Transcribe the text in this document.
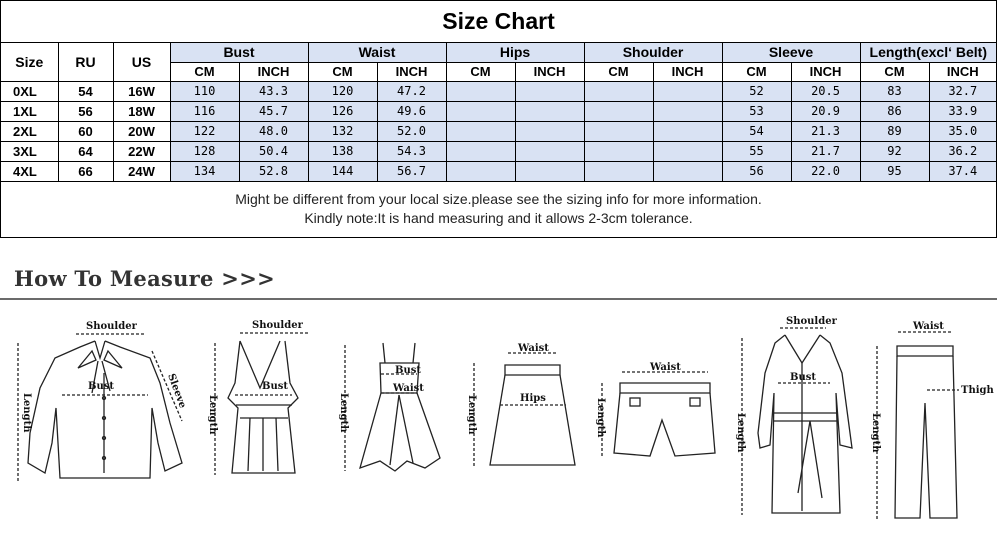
Size Chart
Size	RU	US	Bust		Waist		Hips		Shoulder		Sleeve		Length(excl‘ Belt)	
			CM	INCH	CM	INCH	CM	INCH	CM	INCH	CM	INCH	CM	INCH
0XL	54	16W	110	43.3	120	47.2					52	20.5	83	32.7
1XL	56	18W	116	45.7	126	49.6					53	20.9	86	33.9
2XL	60	20W	122	48.0	132	52.0					54	21.3	89	35.0
3XL	64	22W	128	50.4	138	54.3					55	21.7	92	36.2
4XL	66	24W	134	52.8	144	56.7					56	22.0	95	37.4
Might be different from your local size.please see the sizing info for more information.
Kindly note:It is hand measuring and it allows 2-3cm tolerance.
How To Measure >>>
Shoulder
Bust
Length
Sleeve
Shoulder
Bust
Length
Bust
Waist
Length
Waist
Hips
Length
Waist
Length
Shoulder
Bust
Length
Waist
Thigh
Length
